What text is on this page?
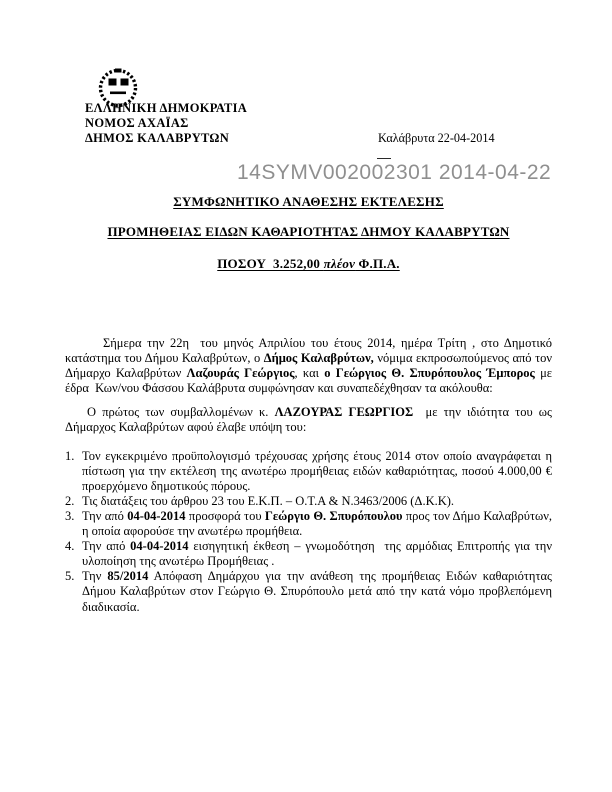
ΕΛΛΗΝΙΚΗ ΔΗΜΟΚΡΑΤΙΑ
ΝΟΜΟΣ ΑΧΑΪΑΣ
ΔΗΜΟΣ ΚΑΛΑΒΡΥΤΩΝ	Καλάβρυτα 22-04-2014
14SYMV002002301 2014-04-22
ΣΥΜΦΩΝΗΤΙΚΟ ΑΝΑΘΕΣΗΣ ΕΚΤΕΛΕΣΗΣ
ΠΡΟΜΗΘΕΙΑΣ ΕΙΔΩΝ ΚΑΘΑΡΙΟΤΗΤΑΣ ΔΗΜΟΥ ΚΑΛΑΒΡΥΤΩΝ
ΠΟΣΟΥ  3.252,00 πλέον Φ.Π.Α.

Σήμερα την 22η  του μηνός Απριλίου του έτους 2014, ημέρα Τρίτη , στο Δημοτικό κατάστημα του Δήμου Καλαβρύτων, ο Δήμος Καλαβρύτων, νόμιμα εκπροσωπούμενος από τον Δήμαρχο Καλαβρύτων Λαζουράς Γεώργιος, και ο Γεώργιος Θ. Σπυρόπουλος Έμπορος με έδρα  Κων/νου Φάσσου Καλάβρυτα συμφώνησαν και συναπεδέχθησαν τα ακόλουθα:

Ο πρώτος των συμβαλλομένων κ. ΛΑΖΟΥΡΑΣ ΓΕΩΡΓΙΟΣ  με την ιδιότητα του ως Δήμαρχος Καλαβρύτων αφού έλαβε υπόψη του:

1. Τον εγκεκριμένο προϋπολογισμό τρέχουσας χρήσης έτους 2014 στον οποίο αναγράφεται η πίστωση για την εκτέλεση της ανωτέρω προμήθειας ειδών καθαριότητας, ποσού 4.000,00 € προερχόμενο δημοτικούς πόρους.
2. Τις διατάξεις του άρθρου 23 του Ε.Κ.Π. – Ο.Τ.Α & Ν.3463/2006 (Δ.Κ.Κ).
3. Την από 04-04-2014 προσφορά του Γεώργιο Θ. Σπυρόπουλου προς τον Δήμο Καλαβρύτων, η οποία αφορούσε την ανωτέρω προμήθεια.
4. Την από 04-04-2014 εισηγητική έκθεση – γνωμοδότηση  της αρμόδιας Επιτροπής για την υλοποίηση της ανωτέρω Προμήθειας .
5. Την 85/2014 Απόφαση Δημάρχου για την ανάθεση της προμήθειας Ειδών καθαριότητας Δήμου Καλαβρύτων στον Γεώργιο Θ. Σπυρόπουλο μετά από την κατά νόμο προβλεπόμενη διαδικασία.
